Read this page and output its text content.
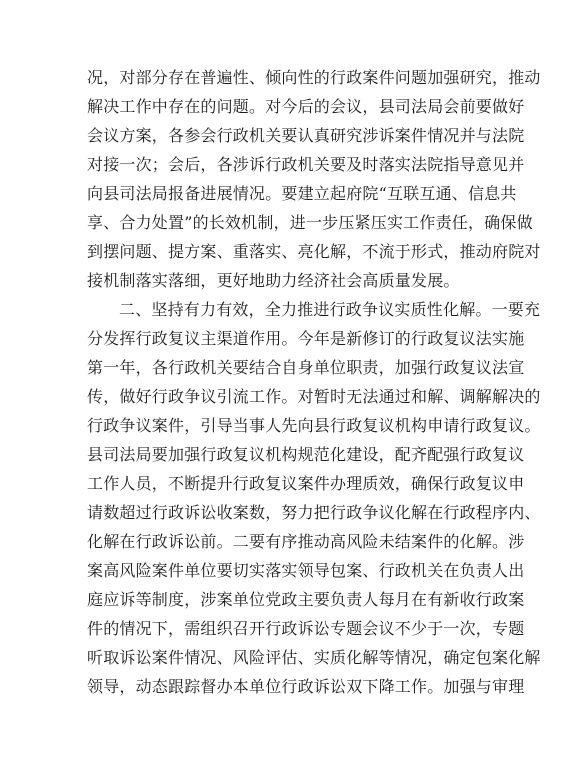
况，对部分存在普遍性、倾向性的行政案件问题加强研究，推动
解决工作中存在的问题。对今后的会议，县司法局会前要做好
会议方案，各参会行政机关要认真研究涉诉案件情况并与法院
对接一次；会后，各涉诉行政机关要及时落实法院指导意见并
向县司法局报备进展情况。要建立起府院“互联互通、信息共
享、合力处置”的长效机制，进一步压紧压实工作责任，确保做
到摆问题、提方案、重落实、亮化解，不流于形式，推动府院对
接机制落实落细，更好地助力经济社会高质量发展。
二、坚持有力有效，全力推进行政争议实质性化解。一要充
分发挥行政复议主渠道作用。今年是新修订的行政复议法实施
第一年，各行政机关要结合自身单位职责，加强行政复议法宣
传，做好行政争议引流工作。对暂时无法通过和解、调解解决的
行政争议案件，引导当事人先向县行政复议机构申请行政复议。
县司法局要加强行政复议机构规范化建设，配齐配强行政复议
工作人员，不断提升行政复议案件办理质效，确保行政复议申
请数超过行政诉讼收案数，努力把行政争议化解在行政程序内、
化解在行政诉讼前。二要有序推动高风险未结案件的化解。涉
案高风险案件单位要切实落实领导包案、行政机关在负责人出
庭应诉等制度，涉案单位党政主要负责人每月在有新收行政案
件的情况下，需组织召开行政诉讼专题会议不少于一次，专题
听取诉讼案件情况、风险评估、实质化解等情况，确定包案化解
领导，动态跟踪督办本单位行政诉讼双下降工作。加强与审理
